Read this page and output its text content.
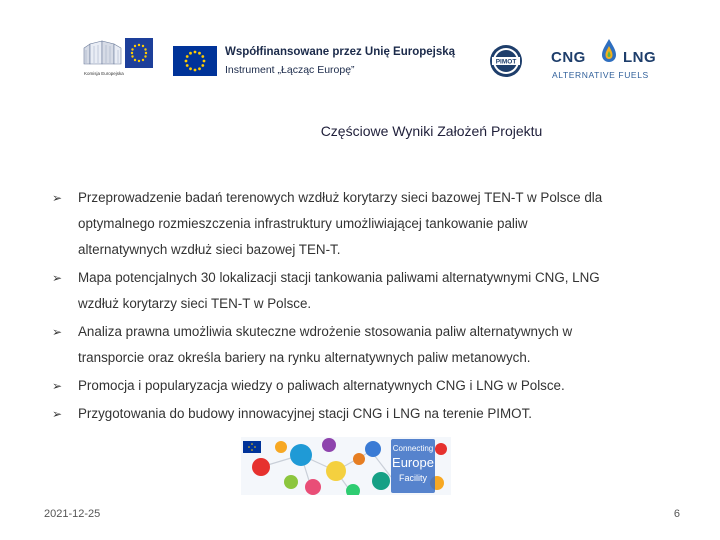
Komisja Europejska
Współfinansowane przez Unię Europejską
Instrument „Łącząc Europę”
PIMOT CNG LNG
ALTERNATIVE FUELS
Częściowe Wyniki Założeń Projektu
➢ Przeprowadzenie badań terenowych wzdłuż korytarzy sieci bazowej TEN-T w Polsce dla
optymalnego rozmieszczenia infrastruktury umożliwiającej tankowanie paliw
alternatywnych wzdłuż sieci bazowej TEN-T.
➢ Mapa potencjalnych 30 lokalizacji stacji tankowania paliwami alternatywnymi CNG, LNG
wzdłuż korytarzy sieci TEN-T w Polsce.
➢ Analiza prawna umożliwia skuteczne wdrożenie stosowania paliw alternatywnych w
transporcie oraz określa bariery na rynku alternatywnych paliw metanowych.
➢ Promocja i popularyzacja wiedzy o paliwach alternatywnych CNG i LNG w Polsce.
➢ Przygotowania do budowy innowacyjnej stacji CNG i LNG na terenie PIMOT.
Connecting
Europe
Facility
2021-12-25	6
